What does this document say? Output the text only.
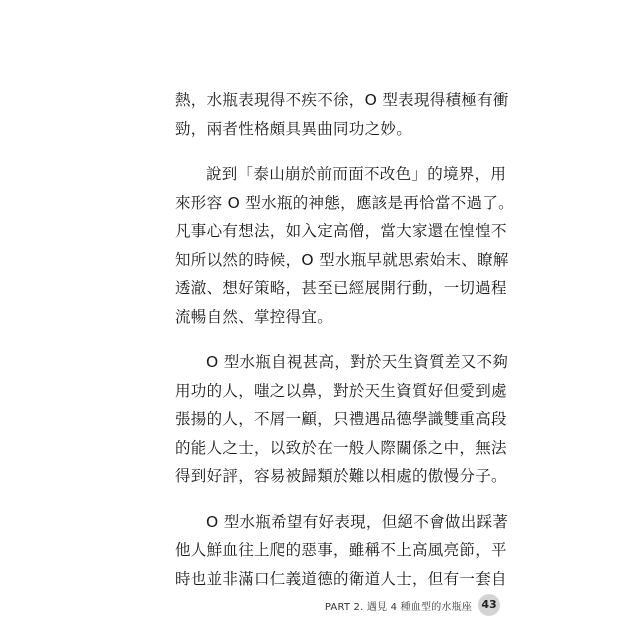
熱，水瓶表現得不疾不徐，O 型表現得積極有衝
勁，兩者性格頗具異曲同功之妙。
說到「泰山崩於前而面不改色」的境界，用
來形容 O 型水瓶的神態，應該是再恰當不過了。
凡事心有想法，如入定高僧，當大家還在惶惶不
知所以然的時候，O 型水瓶早就思索始末、瞭解
透澈、想好策略，甚至已經展開行動，一切過程
流暢自然、掌控得宜。
O 型水瓶自視甚高，對於天生資質差又不夠
用功的人，嗤之以鼻，對於天生資質好但愛到處
張揚的人，不屑一顧，只禮遇品德學識雙重高段
的能人之士，以致於在一般人際關係之中，無法
得到好評，容易被歸類於難以相處的傲慢分子。
O 型水瓶希望有好表現，但絕不會做出踩著
他人鮮血往上爬的惡事，雖稱不上高風亮節，平
時也並非滿口仁義道德的衛道人士，但有一套自
PART 2. 遇見 4 種血型的水瓶座 43
